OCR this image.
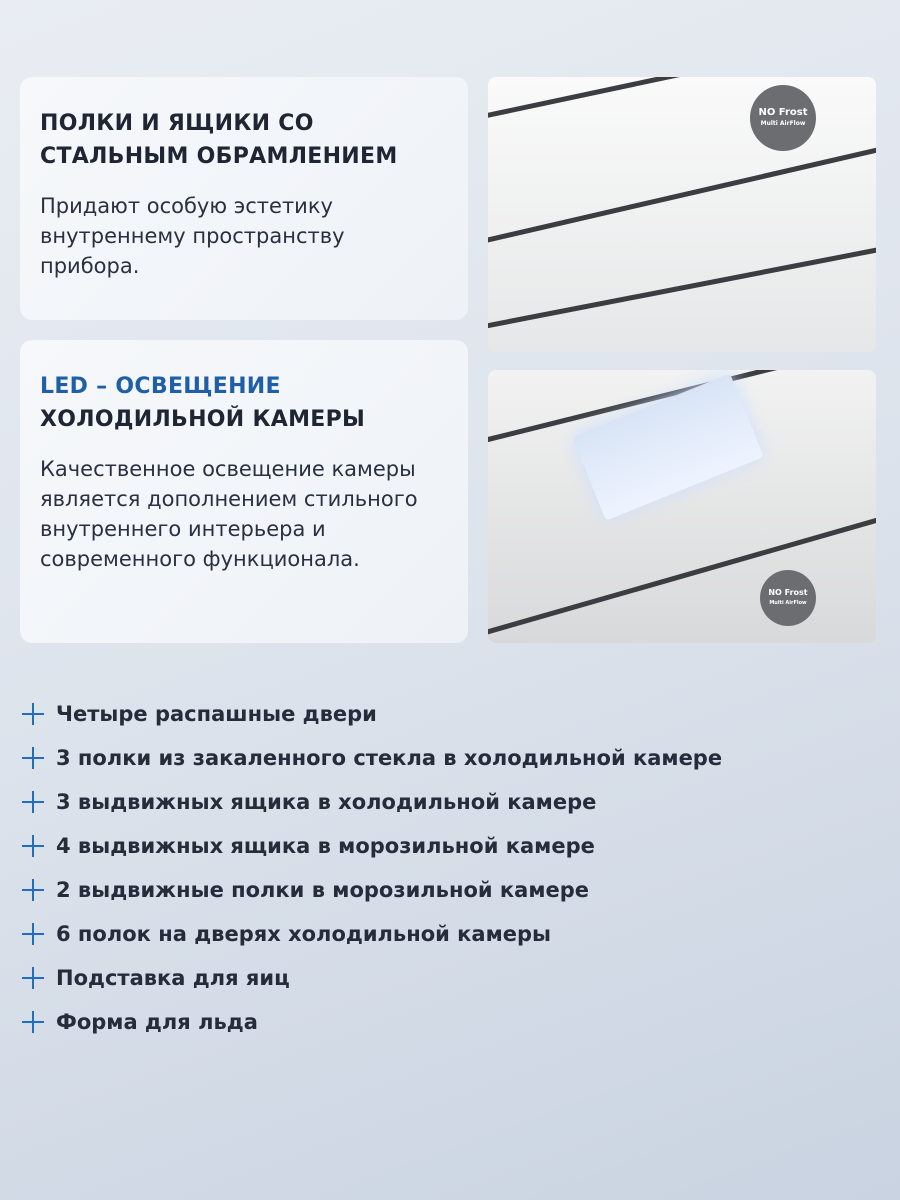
ПОЛКИ И ЯЩИКИ СО СТАЛЬНЫМ ОБРАМЛЕНИЕМ

Придают особую эстетику внутреннему пространству прибора.

NO Frost
Multi AirFlow
LED – ОСВЕЩЕНИЕ
ХОЛОДИЛЬНОЙ КАМЕРЫ

Качественное освещение камеры является дополнением стильного внутреннего интерьера и современного функционала.

NO Frost
Multi AirFlow
Четыре распашные двери
3 полки из закаленного стекла в холодильной камере
3 выдвижных ящика в холодильной камере
4 выдвижных ящика в морозильной камере
2 выдвижные полки в морозильной камере
6 полок на дверях холодильной камеры
Подставка для яиц
Форма для льда
